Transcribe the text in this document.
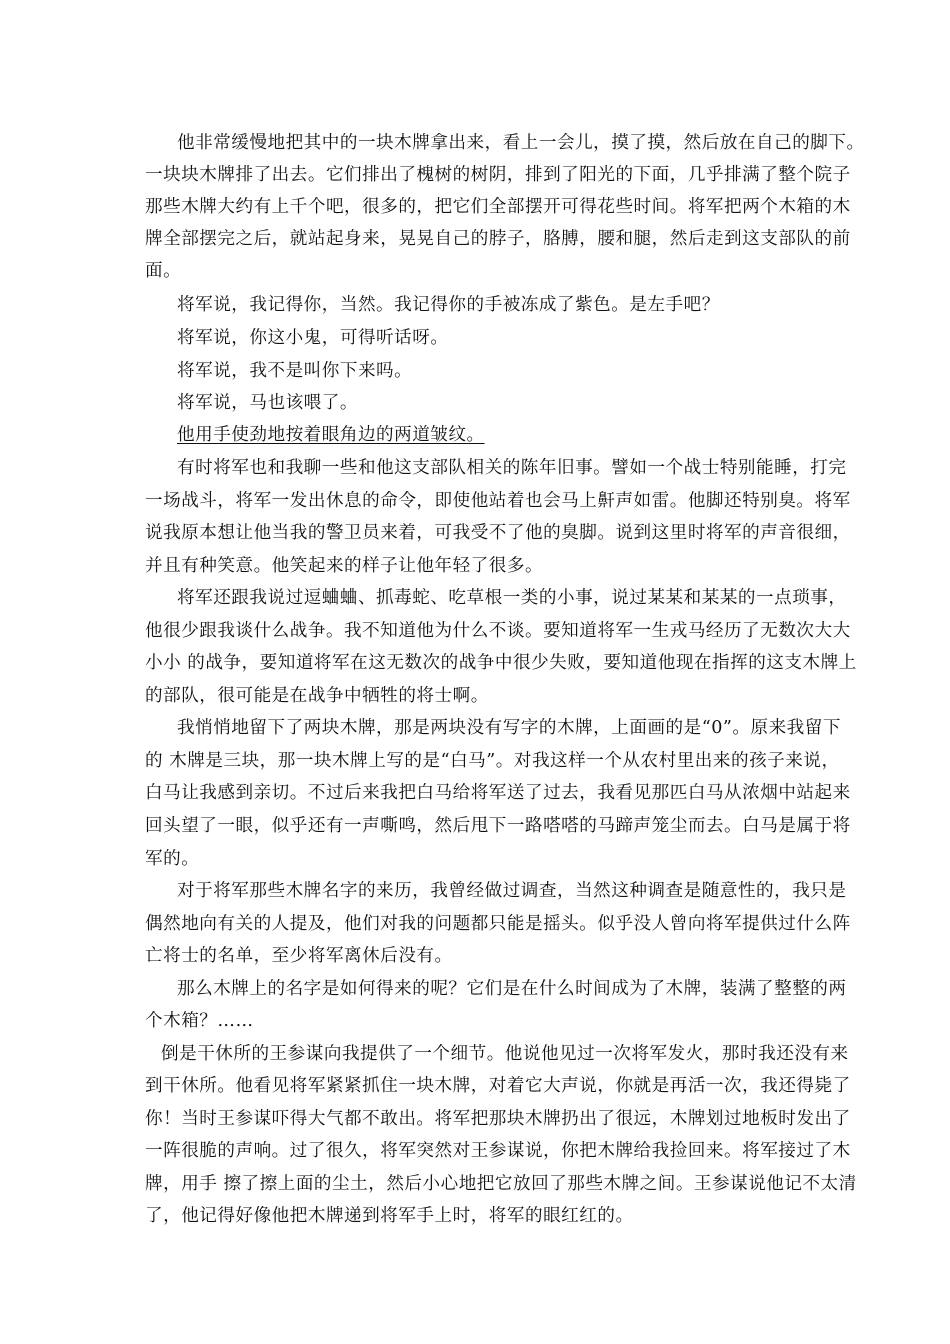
他非常缓慢地把其中的一块木牌拿出来，看上一会儿，摸了摸，然后放在自己的脚下。
一块块木牌排了出去。它们排出了槐树的树阴，排到了阳光的下面，几乎排满了整个院子
那些木牌大约有上千个吧，很多的，把它们全部摆开可得花些时间。将军把两个木箱的木
牌全部摆完之后，就站起身来，晃晃自己的脖子，胳膊，腰和腿，然后走到这支部队的前
面。
将军说，我记得你，当然。我记得你的手被冻成了紫色。是左手吧？
将军说，你这小鬼，可得听话呀。
将军说，我不是叫你下来吗。
将军说，马也该喂了。
他用手使劲地按着眼角边的两道皱纹。
有时将军也和我聊一些和他这支部队相关的陈年旧事。譬如一个战士特别能睡，打完
一场战斗，将军一发出休息的命令，即使他站着也会马上鼾声如雷。他脚还特别臭。将军
说我原本想让他当我的警卫员来着，可我受不了他的臭脚。说到这里时将军的声音很细，
并且有种笑意。他笑起来的样子让他年轻了很多。
将军还跟我说过逗蛐蛐、抓毒蛇、吃草根一类的小事，说过某某和某某的一点琐事，
他很少跟我谈什么战争。我不知道他为什么不谈。要知道将军一生戎马经历了无数次大大
小小 的战争，要知道将军在这无数次的战争中很少失败，要知道他现在指挥的这支木牌上
的部队，很可能是在战争中牺牲的将士啊。
我悄悄地留下了两块木牌，那是两块没有写字的木牌，上面画的是“0”。原来我留下
的 木牌是三块，那一块木牌上写的是“白马”。对我这样一个从农村里出来的孩子来说，
白马让我感到亲切。不过后来我把白马给将军送了过去，我看见那匹白马从浓烟中站起来
回头望了一眼，似乎还有一声嘶鸣，然后甩下一路嗒嗒的马蹄声笼尘而去。白马是属于将
军的。
对于将军那些木牌名字的来历，我曾经做过调查，当然这种调查是随意性的，我只是
偶然地向有关的人提及，他们对我的问题都只能是摇头。似乎没人曾向将军提供过什么阵
亡将士的名单，至少将军离休后没有。
那么木牌上的名字是如何得来的呢？它们是在什么时间成为了木牌，装满了整整的两
个木箱？……
倒是干休所的王参谋向我提供了一个细节。他说他见过一次将军发火，那时我还没有来
到干休所。他看见将军紧紧抓住一块木牌，对着它大声说，你就是再活一次，我还得毙了
你！当时王参谋吓得大气都不敢出。将军把那块木牌扔出了很远，木牌划过地板时发出了
一阵很脆的声响。过了很久，将军突然对王参谋说，你把木牌给我捡回来。将军接过了木
牌，用手 擦了擦上面的尘土，然后小心地把它放回了那些木牌之间。王参谋说他记不太清
了，他记得好像他把木牌递到将军手上时，将军的眼红红的。
